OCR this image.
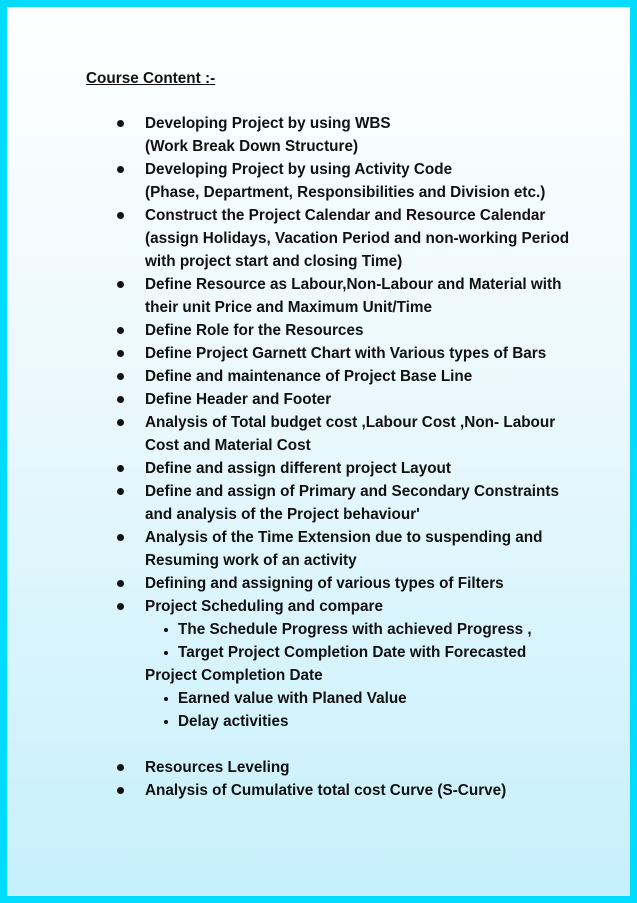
Course Content :-
Developing Project by using WBS
(Work Break Down Structure)
Developing Project by using Activity Code
(Phase, Department, Responsibilities and Division etc.)
Construct the Project Calendar and Resource Calendar
(assign Holidays, Vacation Period and non-working Period
with project start and closing Time)
Define Resource as Labour,Non-Labour and Material with
their unit Price and Maximum Unit/Time
Define Role for the Resources
Define Project Garnett Chart with Various types of Bars
Define and maintenance of Project Base Line
Define Header and Footer
Analysis of Total budget cost ,Labour Cost ,Non- Labour
Cost and Material Cost
Define and assign different project Layout
Define and assign of Primary and Secondary Constraints
and analysis of the Project behaviour'
Analysis of the Time Extension due to suspending and
Resuming work of an activity
Defining and assigning of various types of Filters
Project Scheduling and compare
The Schedule Progress with achieved Progress ,
Target Project Completion Date with Forecasted
Project Completion Date
Earned value with Planed Value
Delay activities
Resources Leveling
Analysis of Cumulative total cost Curve (S-Curve)
